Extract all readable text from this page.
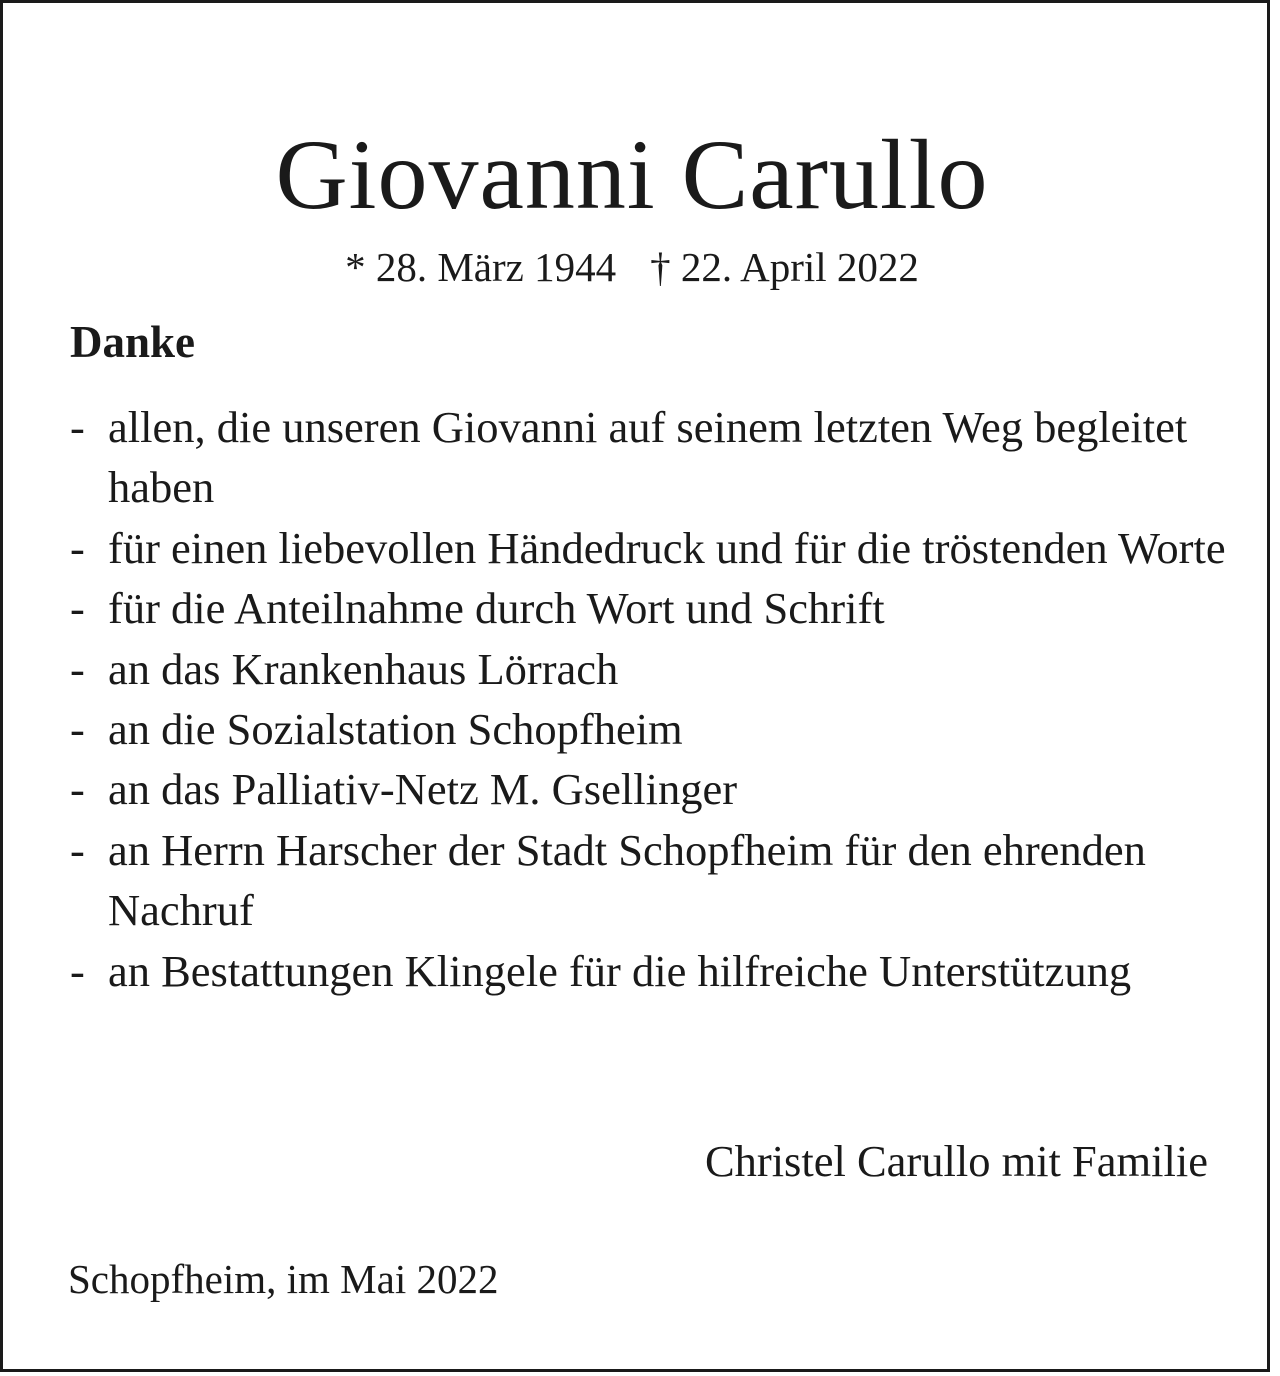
Giovanni Carullo
* 28. März 1944 † 22. April 2022
Danke
- allen, die unseren Giovanni auf seinem letzten Weg begleitet haben
- für einen liebevollen Händedruck und für die tröstenden Worte
- für die Anteilnahme durch Wort und Schrift
- an das Krankenhaus Lörrach
- an die Sozialstation Schopfheim
- an das Palliativ-Netz M. Gsellinger
- an Herrn Harscher der Stadt Schopfheim für den ehrenden Nachruf
- an Bestattungen Klingele für die hilfreiche Unterstützung
Christel Carullo mit Familie
Schopfheim, im Mai 2022
